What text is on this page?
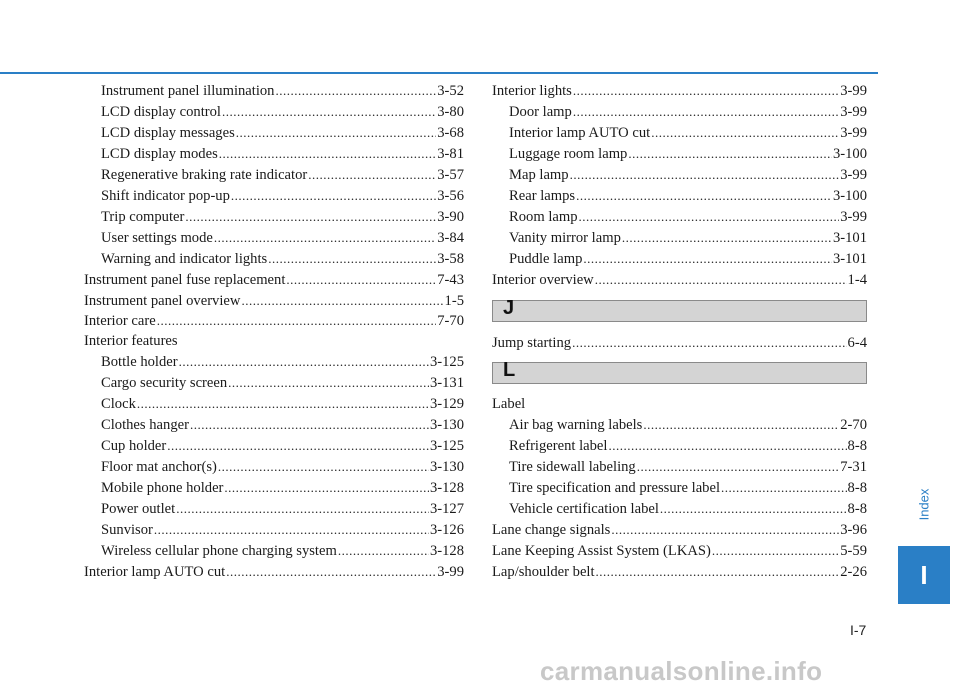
Instrument panel illumination .....	3-52
LCD display control .....	3-80
LCD display messages .....	3-68
LCD display modes .....	3-81
Regenerative braking rate indicator .....	3-57
Shift indicator pop-up .....	3-56
Trip computer .....	3-90
User settings mode .....	3-84
Warning and indicator lights .....	3-58
Instrument panel fuse replacement .....	7-43
Instrument panel overview .....	1-5
Interior care .....	7-70
Interior features
Bottle holder .....	3-125
Cargo security screen .....	3-131
Clock .....	3-129
Clothes hanger .....	3-130
Cup holder .....	3-125
Floor mat anchor(s) .....	3-130
Mobile phone holder .....	3-128
Power outlet .....	3-127
Sunvisor .....	3-126
Wireless cellular phone charging system .....	3-128
Interior lamp AUTO cut .....	3-99
Interior lights .....	3-99
Door lamp .....	3-99
Interior lamp AUTO cut .....	3-99
Luggage room lamp .....	3-100
Map lamp .....	3-99
Rear lamps .....	3-100
Room lamp .....	3-99
Vanity mirror lamp .....	3-101
Puddle lamp .....	3-101
Interior overview .....	1-4
J
Jump starting .....	6-4
L
Label
Air bag warning labels .....	2-70
Refrigerent label .....	8-8
Tire sidewall labeling .....	7-31
Tire specification and pressure label .....	8-8
Vehicle certification label .....	8-8
Lane change signals .....	3-96
Lane Keeping Assist System (LKAS) .....	5-59
Lap/shoulder belt .....	2-26
Index
I
I-7
carmanualsonline.info
